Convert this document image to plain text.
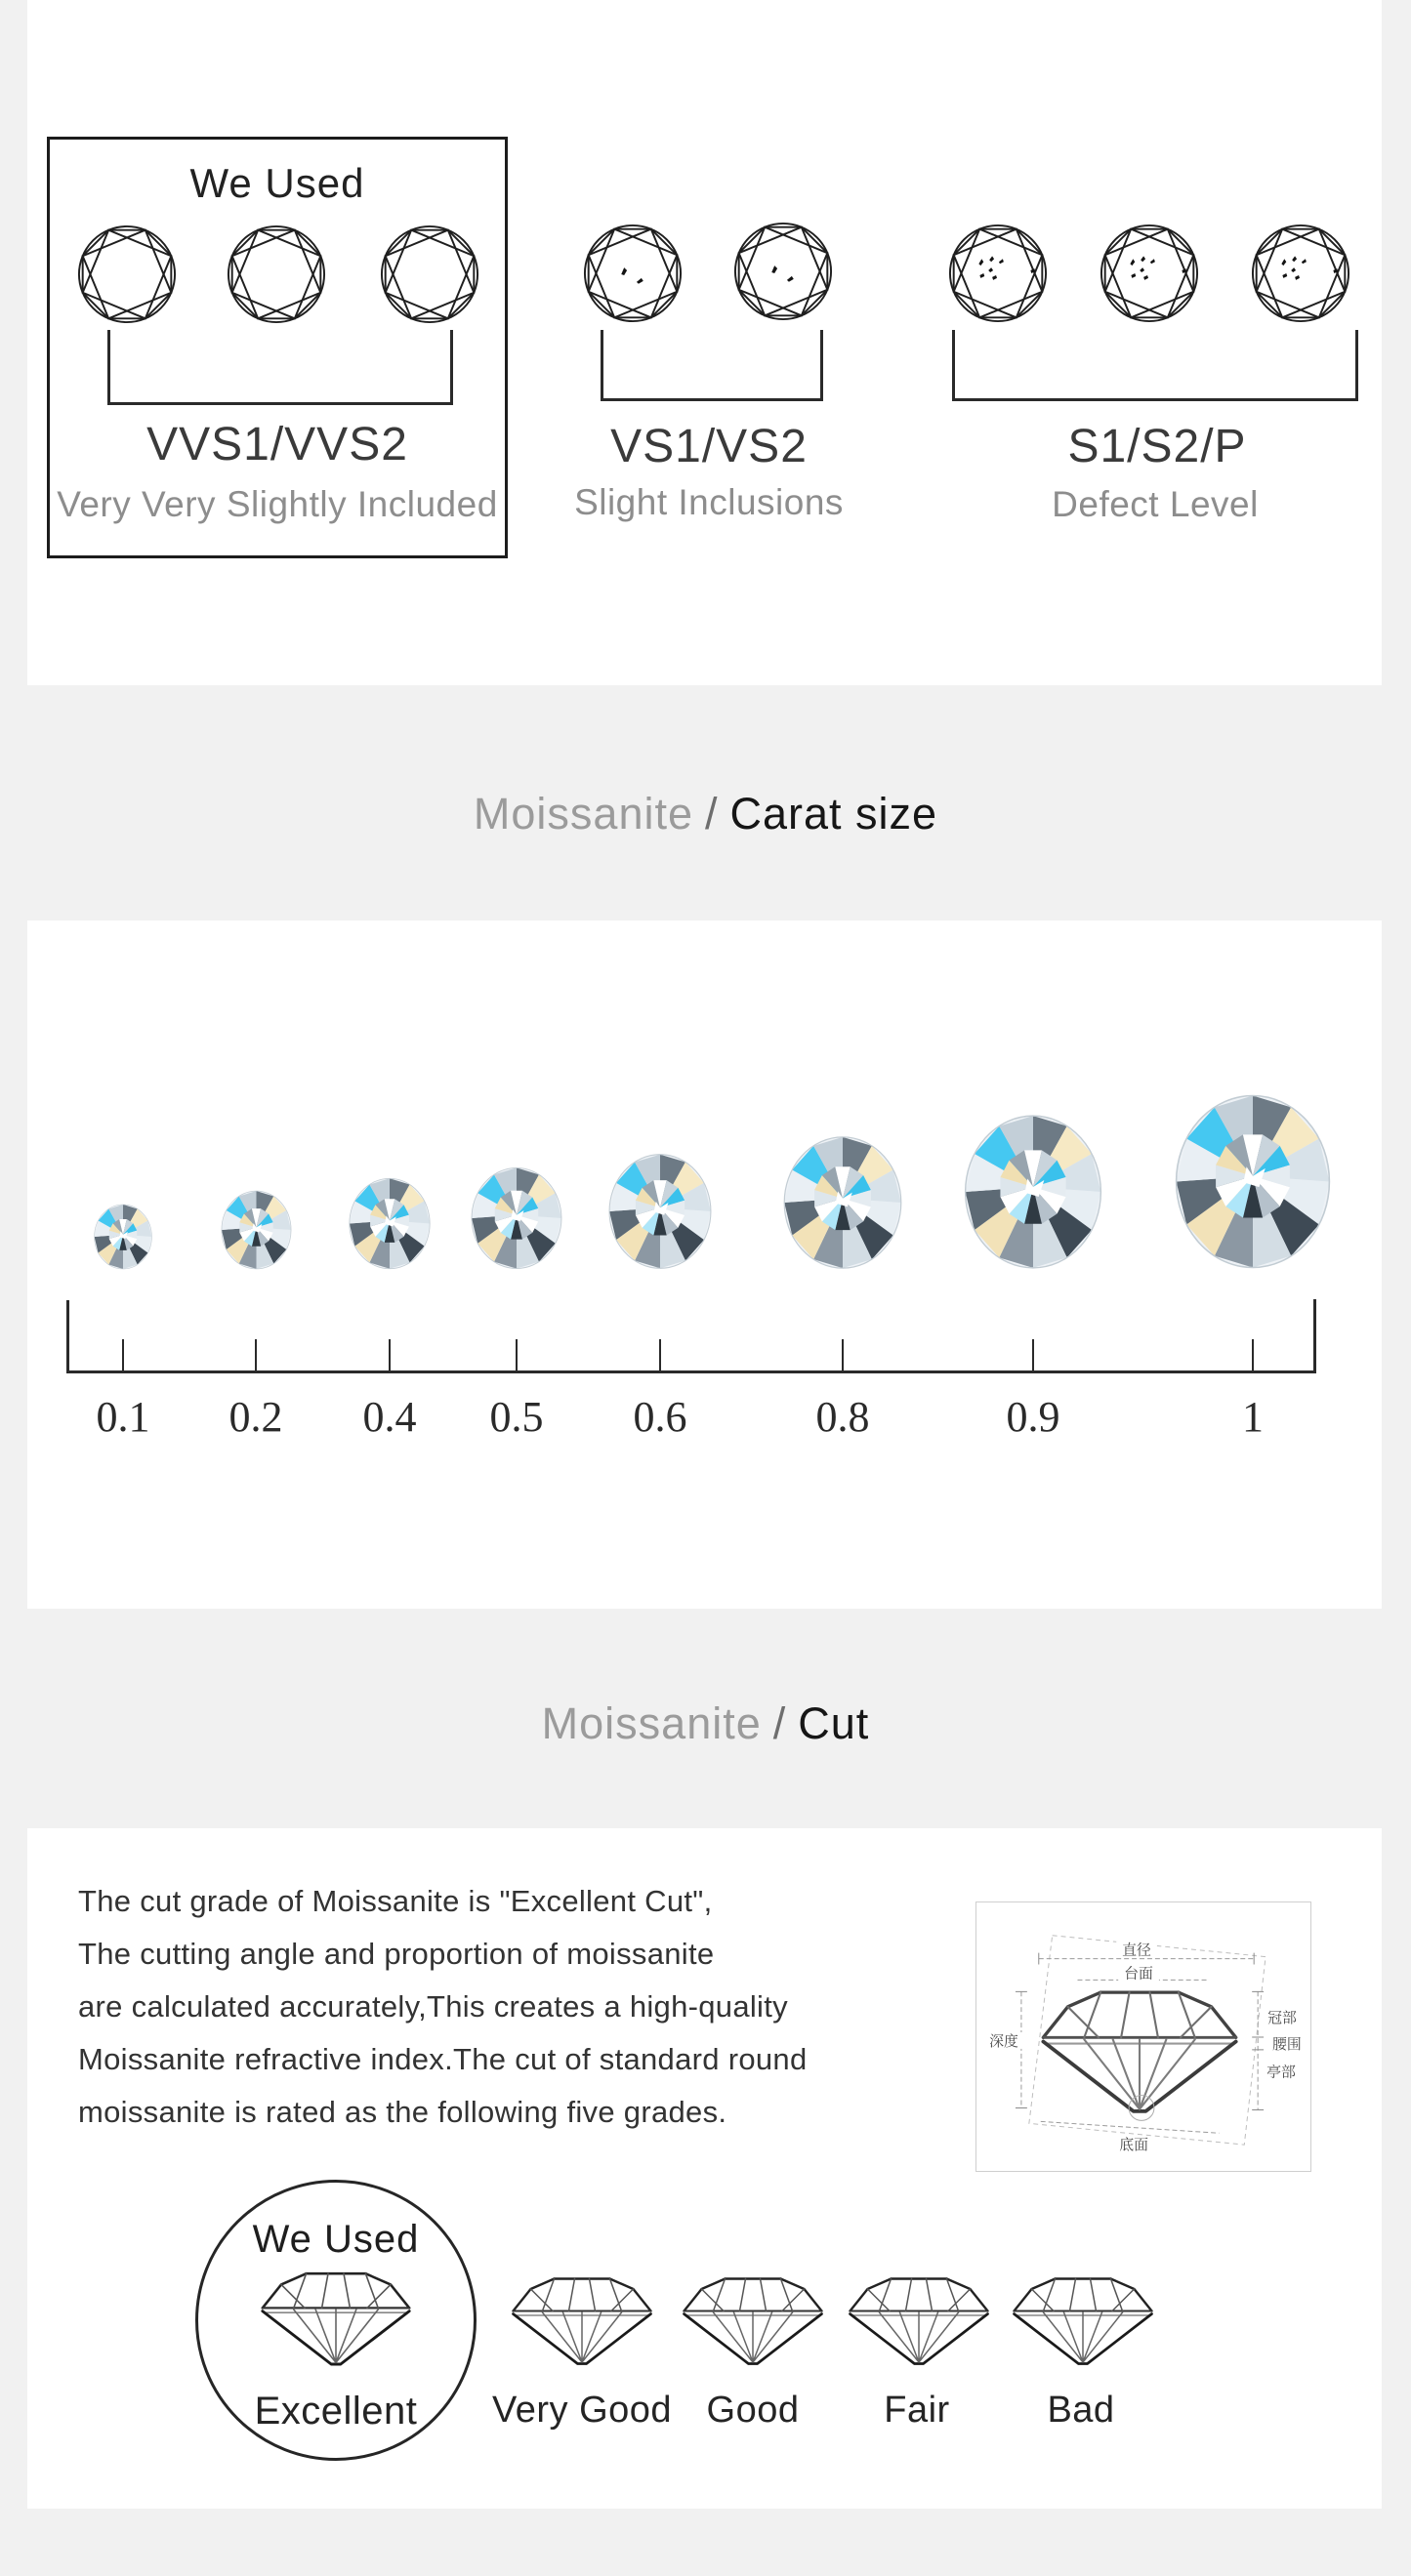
We Used
VVS1/VVS2
Very Very Slightly Included
VS1/VS2
Slight Inclusions
S1/S2/P
Defect Level
Moissanite / Carat size
0.1	0.2	0.4	0.5	0.6	0.8	0.9	1
Moissanite / Cut
The cut grade of Moissanite is "Excellent Cut",
The cutting angle and proportion of moissanite
are calculated accurately,This creates a high-quality
Moissanite refractive index.The cut of standard round
moissanite is rated as the following five grades.
直径
台面
深度
冠部
腰围
亭部
底面
We Used
Excellent	Very Good Good	Fair	Bad
